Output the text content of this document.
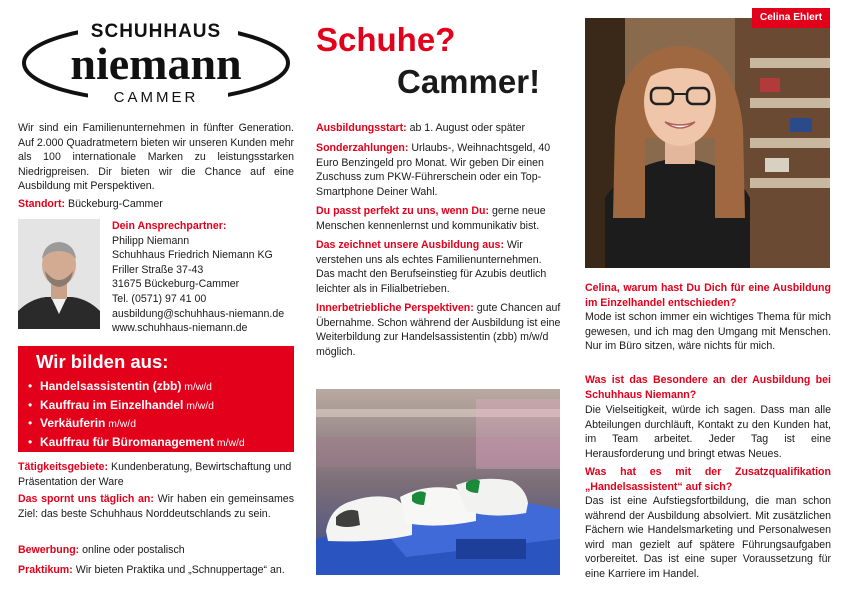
SCHUHHAUS
niemann
CAMMER

Wir sind ein Familienunternehmen in fünfter Generation. Auf 2.000 Quadratmetern bieten wir unseren Kunden mehr als 100 internationale Marken zu leistungsstarken Niedrigpreisen. Dir bieten wir die Chance auf eine Ausbildung mit Perspektiven.

Standort: Bückeburg-Cammer

Dein Ansprechpartner:

Philipp Niemann

Schuhhaus Friedrich Niemann KG

Friller Straße 37-43

31675 Bückeburg-Cammer

Tel. (0571) 97 41 00

ausbildung@schuhhaus-niemann.de

www.schuhhaus-niemann.de

Wir bilden aus:
• Handelsassistentin (zbb) m/w/d
• Kauffrau im Einzelhandel m/w/d
• Verkäuferin m/w/d
• Kauffrau für Büromanagement m/w/d

Tätigkeitsgebiete: Kundenberatung, Bewirtschaftung und Präsentation der Ware

Das spornt uns täglich an: Wir haben ein gemeinsames Ziel: das beste Schuhhaus Norddeutschlands zu sein.

Bewerbung: online oder postalisch

Praktikum: Wir bieten Praktika und „Schnuppertage“ an.

Schuhe?
Cammer!

Ausbildungsstart: ab 1. August oder später

Sonderzahlungen: Urlaubs-, Weihnachtsgeld, 40 Euro Benzingeld pro Monat. Wir geben Dir einen Zuschuss zum PKW-Führerschein oder ein Top-Smartphone Deiner Wahl.

Du passt perfekt zu uns, wenn Du: gerne neue Menschen kennenlernst und kommunikativ bist.

Das zeichnet unsere Ausbildung aus: Wir verstehen uns als echtes Familienunternehmen. Das macht den Berufseinstieg für Azubis deutlich leichter als in Filialbetrieben.

Innerbetriebliche Perspektiven: gute Chancen auf Übernahme. Schon während der Ausbildung ist eine Weiterbildung zur Handelsassistentin (zbb) m/w/d möglich.

Celina Ehlert

Celina, warum hast Du Dich für eine Ausbildung im Einzelhandel entschieden?

Mode ist schon immer ein wichtiges Thema für mich gewesen, und ich mag den Umgang mit Menschen. Nur im Büro sitzen, wäre nichts für mich.

Was ist das Besondere an der Ausbildung bei Schuhhaus Niemann?

Die Vielseitigkeit, würde ich sagen. Dass man alle Abteilungen durchläuft, Kontakt zu den Kunden hat, im Team arbeitet. Jeder Tag ist eine Herausforderung und bringt etwas Neues.

Was hat es mit der Zusatzqualifikation „Handelsassistent“ auf sich?

Das ist eine Aufstiegsfortbildung, die man schon während der Ausbildung absolviert. Mit zusätzlichen Fächern wie Handelsmarketing und Personalwesen wird man gezielt auf spätere Führungsaufgaben vorbereitet. Das ist eine super Voraussetzung für eine Karriere im Handel.
